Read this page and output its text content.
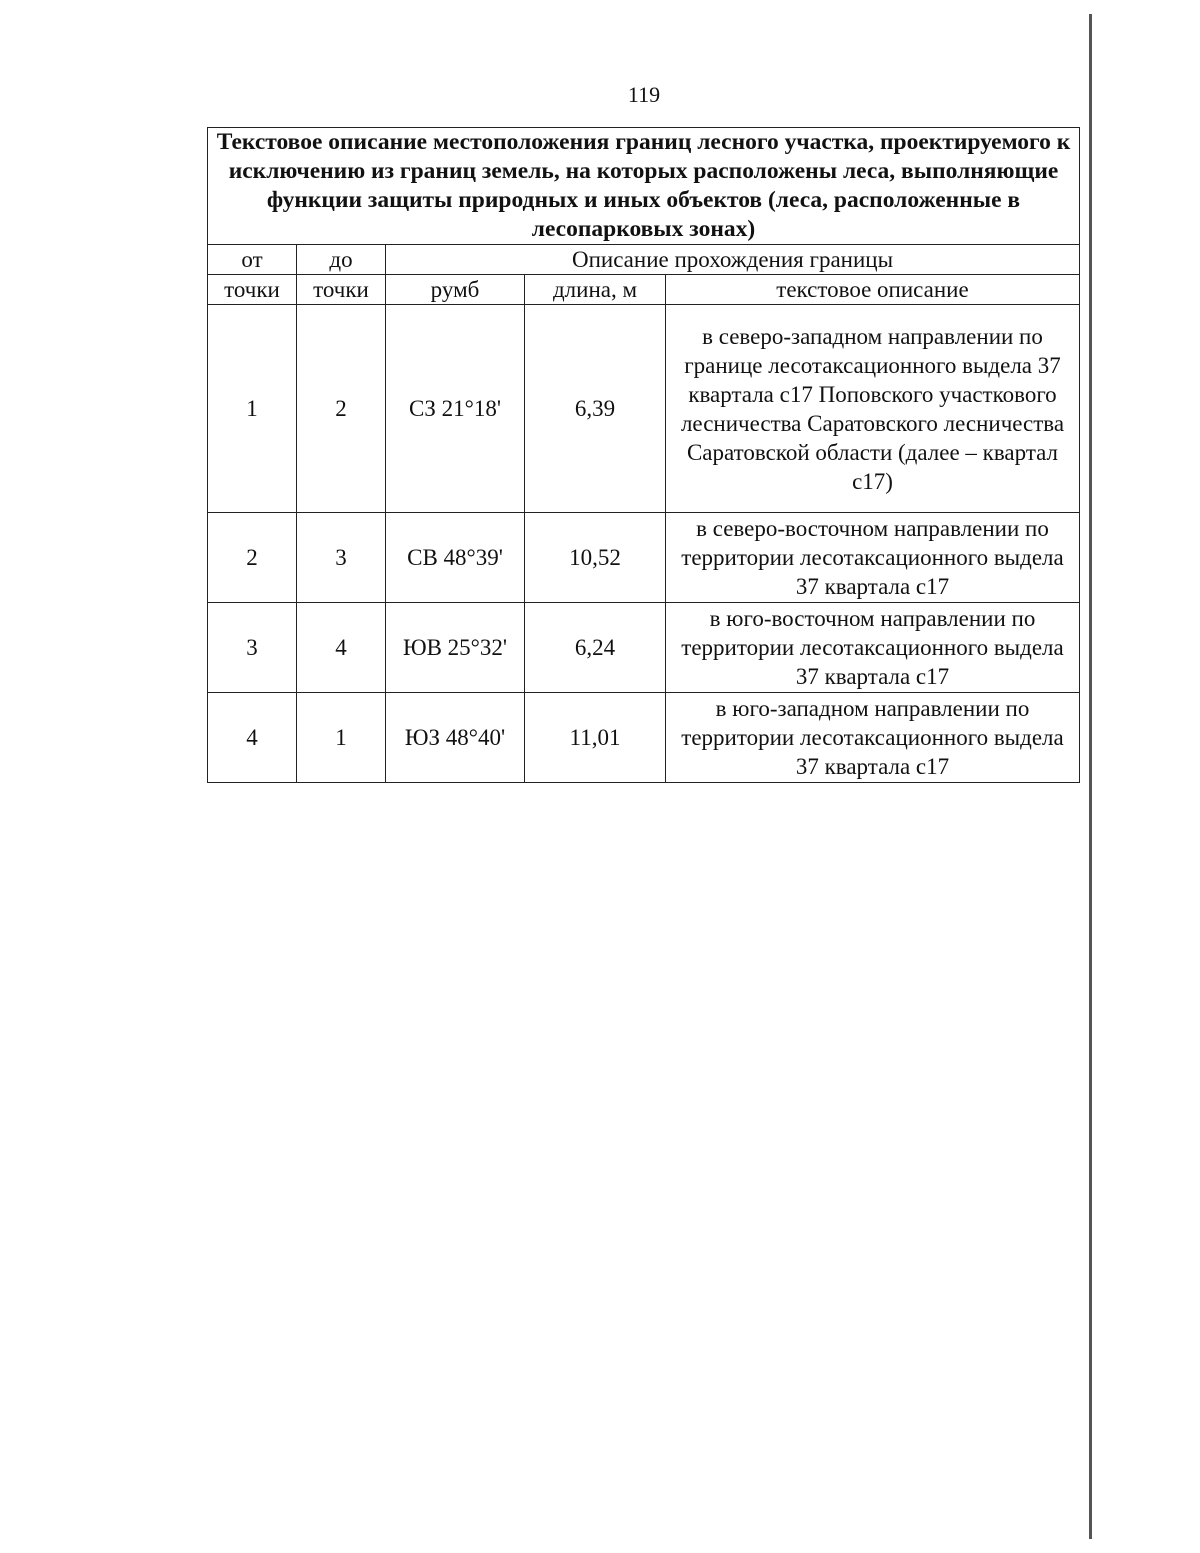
119
Текстовое описание местоположения границ лесного участка, проектируемого к исключению из границ земель, на которых расположены леса, выполняющие функции защиты природных и иных объектов (леса, расположенные в лесопарковых зонах)				
от	до	Описание прохождения границы		
точки	точки	румб	длина, м	текстовое описание
1	2	СЗ 21°18'	6,39	в северо-западном направлении по границе лесотаксационного выдела 37 квартала с17 Поповского участкового лесничества Саратовского лесничества Саратовской области (далее – квартал с17)
2	3	СВ 48°39'	10,52	в северо-восточном направлении по территории лесотаксационного выдела 37 квартала с17
3	4	ЮВ 25°32'	6,24	в юго-восточном направлении по территории лесотаксационного выдела 37 квартала с17
4	1	ЮЗ 48°40'	11,01	в юго-западном направлении по территории лесотаксационного выдела 37 квартала с17
